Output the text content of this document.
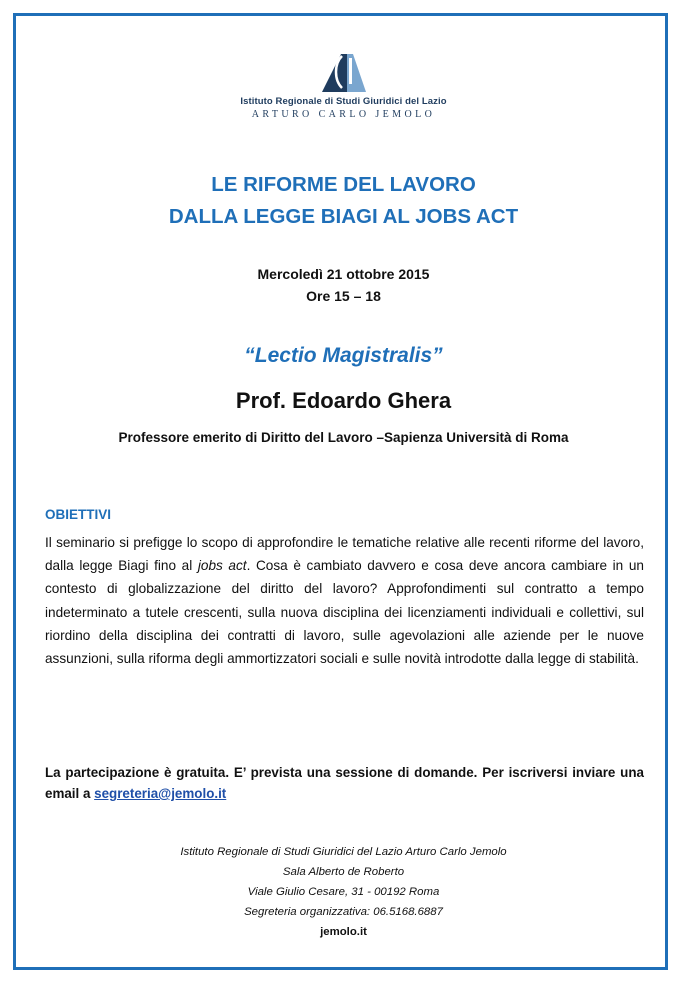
Istituto Regionale di Studi Giuridici del Lazio
ARTURO CARLO JEMOLO
LE RIFORME DEL LAVORO
DALLA LEGGE BIAGI AL JOBS ACT
Mercoledì 21 ottobre 2015
Ore 15 – 18
“Lectio Magistralis”
Prof. Edoardo Ghera
Professore emerito di Diritto del Lavoro –Sapienza Università di Roma
OBIETTIVI
Il seminario si prefigge lo scopo di approfondire le tematiche relative alle recenti riforme del lavoro, dalla legge Biagi fino al jobs act. Cosa è cambiato davvero e cosa deve ancora cambiare in un contesto di globalizzazione del diritto del lavoro? Approfondimenti sul contratto a tempo indeterminato a tutele crescenti, sulla nuova disciplina dei licenziamenti individuali e collettivi, sul riordino della disciplina dei contratti di lavoro, sulle agevolazioni alle aziende per le nuove assunzioni, sulla riforma degli ammortizzatori sociali e sulle novità introdotte dalla legge di stabilità.
La partecipazione è gratuita. E’ prevista una sessione di domande. Per iscriversi inviare una email a segreteria@jemolo.it
Istituto Regionale di Studi Giuridici del Lazio Arturo Carlo Jemolo
Sala Alberto de Roberto
Viale Giulio Cesare, 31 - 00192 Roma
Segreteria organizzativa: 06.5168.6887
jemolo.it
